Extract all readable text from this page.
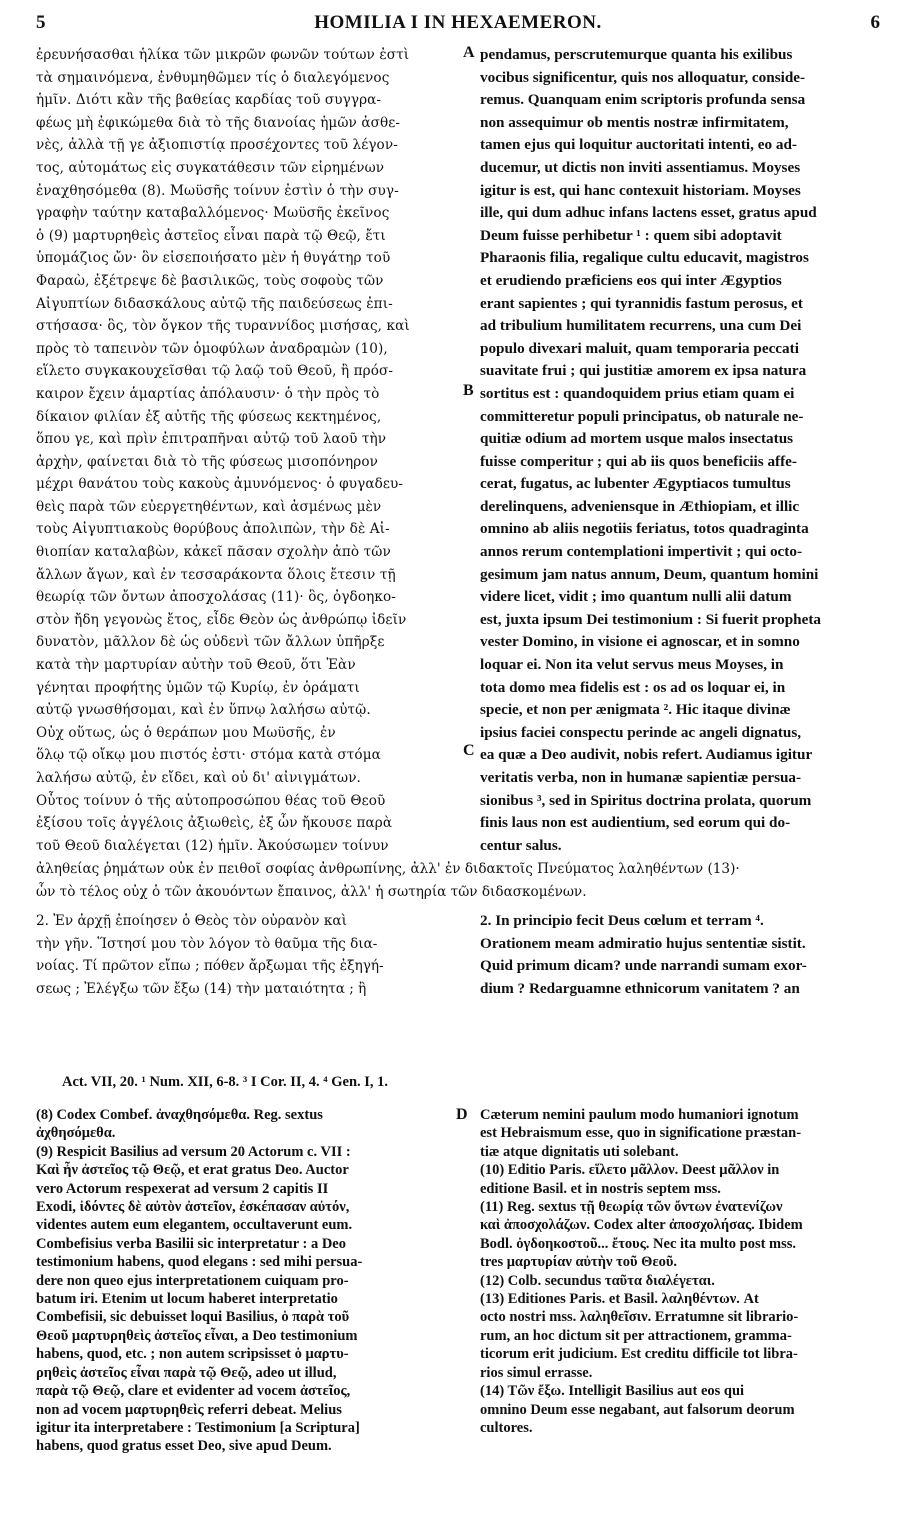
5	HOMILIA I IN HEXAEMERON.	6
ἐρευνήσασθαι ἡλίκα τῶν μικρῶν φωνῶν τούτων ἐστὶ
τὰ σημαινόμενα, ἐνθυμηθῶμεν τίς ὁ διαλεγόμενος
ἡμῖν. Διότι κἂν τῆς βαθείας καρδίας τοῦ συγγρα-
φέως μὴ ἐφικώμεθα διὰ τὸ τῆς διανοίας ἡμῶν ἀσθε-
νὲς, ἀλλὰ τῇ γε ἀξιοπιστίᾳ προσέχοντες τοῦ λέγον-
τος, αὐτομάτως εἰς συγκατάθεσιν τῶν εἰρημένων
ἐναχθησόμεθα (8). Μωϋσῆς τοίνυν ἐστὶν ὁ τὴν συγ-
γραφὴν ταύτην καταβαλλόμενος· Μωϋσῆς ἐκεῖνος
ὁ (9) μαρτυρηθεὶς ἀστεῖος εἶναι παρὰ τῷ Θεῷ, ἔτι
ὑπομάζιος ὤν· ὃν εἰσεποιήσατο μὲν ἡ θυγάτηρ τοῦ
Φαραὼ, ἐξέτρεψε δὲ βασιλικῶς, τοὺς σοφοὺς τῶν
Αἰγυπτίων διδασκάλους αὐτῷ τῆς παιδεύσεως ἐπι-
στήσασα· ὃς, τὸν ὄγκον τῆς τυραννίδος μισήσας, καὶ
πρὸς τὸ ταπεινὸν τῶν ὁμοφύλων ἀναδραμὼν (10),
εἵλετο συγκακουχεῖσθαι τῷ λαῷ τοῦ Θεοῦ, ἢ πρόσ-
καιρον ἔχειν ἁμαρτίας ἀπόλαυσιν· ὁ τὴν πρὸς τὸ
δίκαιον φιλίαν ἐξ αὐτῆς τῆς φύσεως κεκτημένος,
ὅπου γε, καὶ πρὶν ἐπιτραπῆναι αὐτῷ τοῦ λαοῦ τὴν
ἀρχὴν, φαίνεται διὰ τὸ τῆς φύσεως μισοπόνηρον
μέχρι θανάτου τοὺς κακοὺς ἀμυνόμενος· ὁ φυγαδευ-
θεὶς παρὰ τῶν εὐεργετηθέντων, καὶ ἀσμένως μὲν
τοὺς Αἰγυπτιακοὺς θορύβους ἀπολιπὼν, τὴν δὲ Αἰ-
θιοπίαν καταλαβὼν, κἀκεῖ πᾶσαν σχολὴν ἀπὸ τῶν
ἄλλων ἄγων, καὶ ἐν τεσσαράκοντα ὅλοις ἔτεσιν τῇ
θεωρίᾳ τῶν ὄντων ἀποσχολάσας (11)· ὃς, ὀγδοηκο-
στὸν ἤδη γεγονὼς ἔτος, εἶδε Θεὸν ὡς ἀνθρώπῳ ἰδεῖν
δυνατὸν, μᾶλλον δὲ ὡς οὐδενὶ τῶν ἄλλων ὑπῆρξε
κατὰ τὴν μαρτυρίαν αὐτὴν τοῦ Θεοῦ, ὅτι Ἐὰν
γένηται προφήτης ὑμῶν τῷ Κυρίῳ, ἐν ὁράματι
αὐτῷ γνωσθήσομαι, καὶ ἐν ὕπνῳ λαλήσω αὐτῷ.
Οὐχ οὕτως, ὡς ὁ θεράπων μου Μωϋσῆς, ἐν
ὅλῳ τῷ οἴκῳ μου πιστός ἐστι· στόμα κατὰ στόμα
λαλήσω αὐτῷ, ἐν εἴδει, καὶ οὐ δι' αἰνιγμάτων.
Οὗτος τοίνυν ὁ τῆς αὐτοπροσώπου θέας τοῦ Θεοῦ
ἐξίσου τοῖς ἀγγέλοις ἀξιωθεὶς, ἐξ ὧν ἤκουσε παρὰ
τοῦ Θεοῦ διαλέγεται (12) ἡμῖν. Ἀκούσωμεν τοίνυν
pendamus, perscrutemurque quanta his exilibus
vocibus significentur, quis nos alloquatur, conside-
remus. Quanquam enim scriptoris profunda sensa
non assequimur ob mentis nostræ infirmitatem,
tamen ejus qui loquitur auctoritati intenti, eo ad-
ducemur, ut dictis non inviti assentiamus. Moyses
igitur is est, qui hanc contexuit historiam. Moyses
ille, qui dum adhuc infans lactens esset, gratus apud
Deum fuisse perhibetur ¹ : quem sibi adoptavit
Pharaonis filia, regalique cultu educavit, magistros
et erudiendo præficiens eos qui inter Ægyptios
erant sapientes ; qui tyrannidis fastum perosus, et
ad tribulium humilitatem recurrens, una cum Dei
populo divexari maluit, quam temporaria peccati
suavitate frui ; qui justitiæ amorem ex ipsa natura
sortitus est : quandoquidem prius etiam quam ei
committeretur populi principatus, ob naturale ne-
quitiæ odium ad mortem usque malos insectatus
fuisse comperitur ; qui ab iis quos beneficiis affe-
cerat, fugatus, ac lubenter Ægyptiacos tumultus
derelinquens, adveniensque in Æthiopiam, et illic
omnino ab aliis negotiis feriatus, totos quadraginta
annos rerum contemplationi impertivit ; qui octo-
gesimum jam natus annum, Deum, quantum homini
videre licet, vidit ; imo quantum nulli alii datum
est, juxta ipsum Dei testimonium : Si fuerit propheta
vester Domino, in visione ei agnoscar, et in somno
loquar ei. Non ita velut servus meus Moyses, in
tota domo mea fidelis est : os ad os loquar ei, in
specie, et non per ænigmata ². Hic itaque divinæ
ipsius faciei conspectu perinde ac angeli dignatus,
ea quæ a Deo audivit, nobis refert. Audiamus igitur
veritatis verba, non in humanæ sapientiæ persua-
sionibus ³, sed in Spiritus doctrina prolata, quorum
finis laus non est audientium, sed eorum qui do-
centur salus.
A
B
C
ἀληθείας ῥημάτων οὐκ ἐν πειθοῖ σοφίας ἀνθρωπίνης, ἀλλ' ἐν διδακτοῖς Πνεύματος λαληθέντων (13)·
ὧν τὸ τέλος οὐχ ὁ τῶν ἀκουόντων ἔπαινος, ἀλλ' ἡ σωτηρία τῶν διδασκομένων.
2. Ἐν ἀρχῇ ἐποίησεν ὁ Θεὸς τὸν οὐρανὸν καὶ
τὴν γῆν. Ἵστησί μου τὸν λόγον τὸ θαῦμα τῆς δια-
νοίας. Τί πρῶτον εἴπω ; πόθεν ἄρξωμαι τῆς ἐξηγή-
σεως ; Ἐλέγξω τῶν ἔξω (14) τὴν ματαιότητα ; ἢ
2. In principio fecit Deus cœlum et terram ⁴.
Orationem meam admiratio hujus sententiæ sistit.
Quid primum dicam? unde narrandi sumam exor-
dium ? Redarguamne ethnicorum vanitatem ? an
Act. VII, 20. ¹ Num. XII, 6-8. ³ I Cor. II, 4. ⁴ Gen. I, 1.
D
(8) Codex Combef. ἀναχθησόμεθα. Reg. sextus
ἀχθησόμεθα.
(9) Respicit Basilius ad versum 20 Actorum c. VII :
Καὶ ἦν ἀστεῖος τῷ Θεῷ, et erat gratus Deo. Auctor
vero Actorum respexerat ad versum 2 capitis II
Exodi, ἰδόντες δὲ αὐτὸν ἀστεῖον, ἐσκέπασαν αὐτόν,
videntes autem eum elegantem, occultaverunt eum.
Combefisius verba Basilii sic interpretatur : a Deo
testimonium habens, quod elegans : sed mihi persua-
dere non queo ejus interpretationem cuiquam pro-
batum iri. Etenim ut locum haberet interpretatio
Combefisii, sic debuisset loqui Basilius, ὁ παρὰ τοῦ
Θεοῦ μαρτυρηθεὶς ἀστεῖος εἶναι, a Deo testimonium
habens, quod, etc. ; non autem scripsisset ὁ μαρτυ-
ρηθεὶς ἀστεῖος εἶναι παρὰ τῷ Θεῷ, adeo ut illud,
παρὰ τῷ Θεῷ, clare et evidenter ad vocem ἀστεῖος,
non ad vocem μαρτυρηθεὶς referri debeat. Melius
igitur ita interpretabere : Testimonium [a Scriptura]
habens, quod gratus esset Deo, sive apud Deum.
Cæterum nemini paulum modo humaniori ignotum
est Hebraismum esse, quo in significatione præstan-
tiæ atque dignitatis uti solebant.
(10) Editio Paris. εἵλετο μᾶλλον. Deest μᾶλλον in
editione Basil. et in nostris septem mss.
(11) Reg. sextus τῇ θεωρίᾳ τῶν ὄντων ἐνατενίζων
καὶ ἀποσχολάζων. Codex alter ἀποσχολήσας. Ibidem
Bodl. ὀγδοηκοστοῦ... ἔτους. Nec ita multo post mss.
tres μαρτυρίαν αὐτὴν τοῦ Θεοῦ.
(12) Colb. secundus ταῦτα διαλέγεται.
(13) Editiones Paris. et Basil. λαληθέντων. At
octo nostri mss. λαληθεῖσιν. Erratumne sit librario-
rum, an hoc dictum sit per attractionem, gramma-
ticorum erit judicium. Est creditu difficile tot libra-
rios simul errasse.
(14) Τῶν ἔξω. Intelligit Basilius aut eos qui
omnino Deum esse negabant, aut falsorum deorum
cultores.
